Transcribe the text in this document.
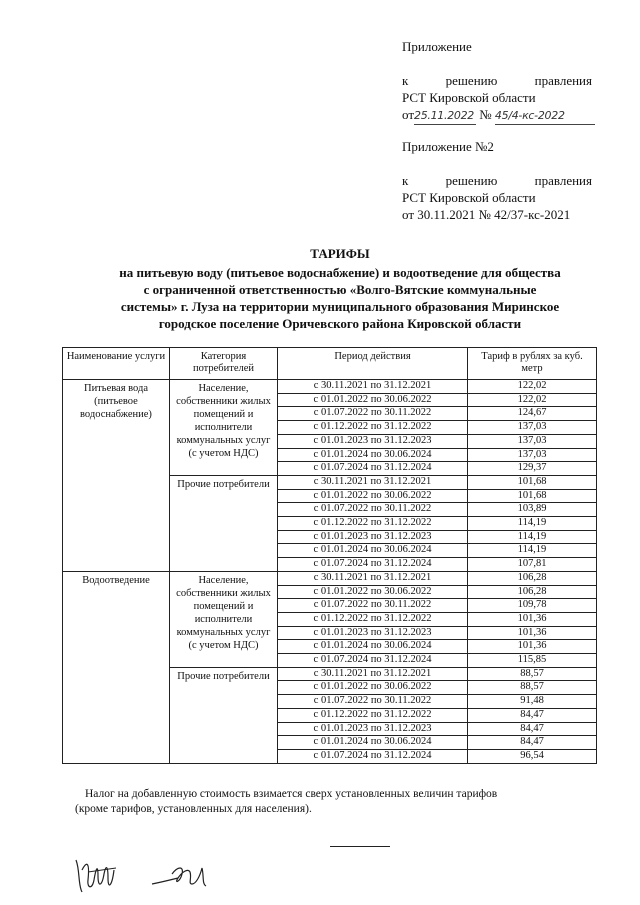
Приложение
к	решению	правления
РСТ Кировской области
от25.11.2022 № 45/4-кс-2022
Приложение №2
к	решению	правления
РСТ Кировской области
от 30.11.2021 № 42/37-кс-2021
ТАРИФЫ
на питьевую воду (питьевое водоснабжение) и водоотведение для общества
с ограниченной ответственностью «Волго-Вятские коммунальные
системы» г. Луза на территории муниципального образования Миринское
городское поселение Оричевского района Кировской области
Наименование услуги	Категория потребителей	Период действия	Тариф в рублях за куб. метр
Питьевая вода (питьевое водоснабжение)	Население, собственники жилых помещений и исполнители коммунальных услуг (с учетом НДС)	с 30.11.2021 по 31.12.2021	122,02
		с 01.01.2022 по 30.06.2022	122,02
		с 01.07.2022 по 30.11.2022	124,67
		с 01.12.2022 по 31.12.2022	137,03
		с 01.01.2023 по 31.12.2023	137,03
		с 01.01.2024 по 30.06.2024	137,03
		с 01.07.2024 по 31.12.2024	129,37
	Прочие потребители	с 30.11.2021 по 31.12.2021	101,68
		с 01.01.2022 по 30.06.2022	101,68
		с 01.07.2022 по 30.11.2022	103,89
		с 01.12.2022 по 31.12.2022	114,19
		с 01.01.2023 по 31.12.2023	114,19
		с 01.01.2024 по 30.06.2024	114,19
		с 01.07.2024 по 31.12.2024	107,81
Водоотведение	Население, собственники жилых помещений и исполнители коммунальных услуг (с учетом НДС)	с 30.11.2021 по 31.12.2021	106,28
		с 01.01.2022 по 30.06.2022	106,28
		с 01.07.2022 по 30.11.2022	109,78
		с 01.12.2022 по 31.12.2022	101,36
		с 01.01.2023 по 31.12.2023	101,36
		с 01.01.2024 по 30.06.2024	101,36
		с 01.07.2024 по 31.12.2024	115,85
	Прочие потребители	с 30.11.2021 по 31.12.2021	88,57
		с 01.01.2022 по 30.06.2022	88,57
		с 01.07.2022 по 30.11.2022	91,48
		с 01.12.2022 по 31.12.2022	84,47
		с 01.01.2023 по 31.12.2023	84,47
		с 01.01.2024 по 30.06.2024	84,47
		с 01.07.2024 по 31.12.2024	96,54
Налог на добавленную стоимость взимается сверх установленных величин тарифов
(кроме тарифов, установленных для населения).
